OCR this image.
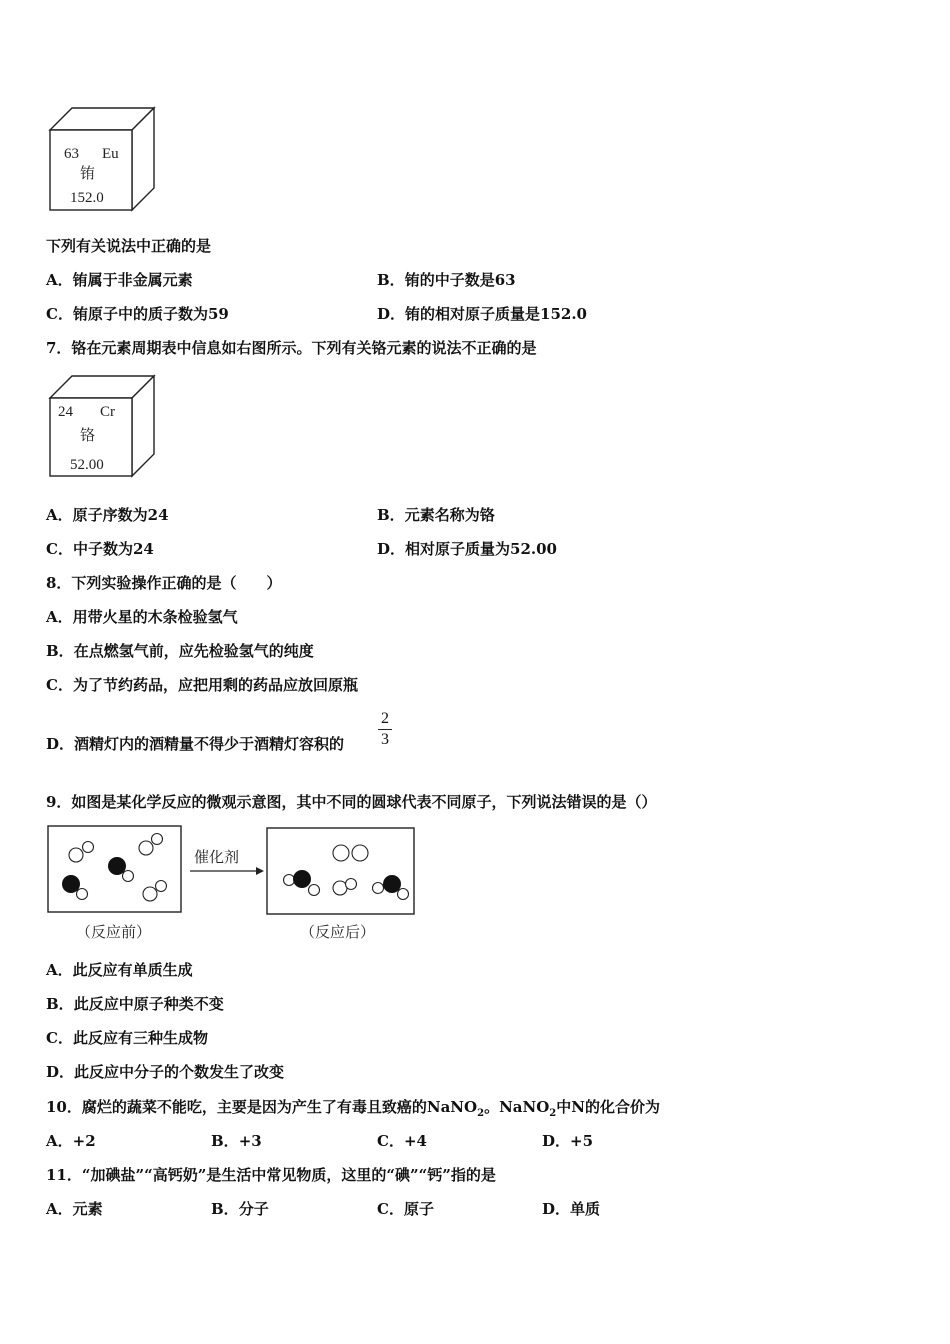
63 Eu
铕
152.0
下列有关说法中正确的是
A．铕属于非金属元素	B．铕的中子数是63
C．铕原子中的质子数为59	D．铕的相对原子质量是152.0
7．铬在元素周期表中信息如右图所示。下列有关铬元素的说法不正确的是
24 Cr
铬
52.00
A．原子序数为24	B．元素名称为铬
C．中子数为24	D．相对原子质量为52.00
8．下列实验操作正确的是（　　）
A．用带火星的木条检验氢气
B．在点燃氢气前，应先检验氢气的纯度
C．为了节约药品，应把用剩的药品应放回原瓶
D．酒精灯内的酒精量不得少于酒精灯容积的
2
3
9．如图是某化学反应的微观示意图，其中不同的圆球代表不同原子，下列说法错误的是（）
催化剂
（反应前）	（反应后）
A．此反应有单质生成
B．此反应中原子种类不变
C．此反应有三种生成物
D．此反应中分子的个数发生了改变
10．腐烂的蔬菜不能吃，主要是因为产生了有毒且致癌的NaNO$_2$。NaNO$_2$中N的化合价为
A．+2	B．+3	C．+4	D．+5
11．“加碘盐”“高钙奶”是生活中常见物质，这里的“碘”“钙”指的是
A．元素	B．分子	C．原子	D．单质
